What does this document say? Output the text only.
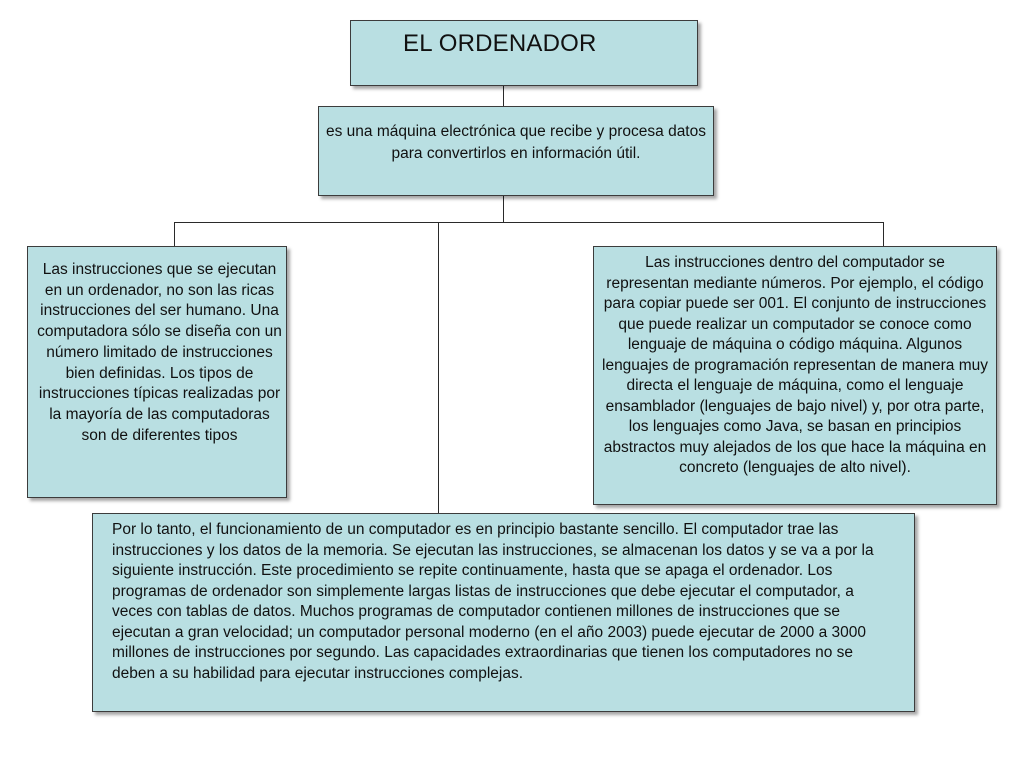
EL ORDENADOR
es una máquina electrónica que recibe y procesa datos para convertirlos en información útil.
Las instrucciones que se ejecutan en un ordenador, no son las ricas instrucciones del ser humano. Una computadora sólo se diseña con un número limitado de instrucciones bien definidas. Los tipos de instrucciones típicas realizadas por la mayoría de las computadoras son de diferentes tipos
Las instrucciones dentro del computador se representan mediante números. Por ejemplo, el código para copiar puede ser 001. El conjunto de instrucciones que puede realizar un computador se conoce como lenguaje de máquina o código máquina. Algunos lenguajes de programación representan de manera muy directa el lenguaje de máquina, como el lenguaje ensamblador (lenguajes de bajo nivel) y, por otra parte, los lenguajes como Java, se basan en principios abstractos muy alejados de los que hace la máquina en concreto (lenguajes de alto nivel).
Por lo tanto, el funcionamiento de un computador es en principio bastante sencillo. El computador trae las instrucciones y los datos de la memoria. Se ejecutan las instrucciones, se almacenan los datos y se va a por la siguiente instrucción. Este procedimiento se repite continuamente, hasta que se apaga el ordenador. Los programas de ordenador son simplemente largas listas de instrucciones que debe ejecutar el computador, a veces con tablas de datos. Muchos programas de computador contienen millones de instrucciones que se ejecutan a gran velocidad; un computador personal moderno (en el año 2003) puede ejecutar de 2000 a 3000 millones de instrucciones por segundo. Las capacidades extraordinarias que tienen los computadores no se deben a su habilidad para ejecutar instrucciones complejas.
